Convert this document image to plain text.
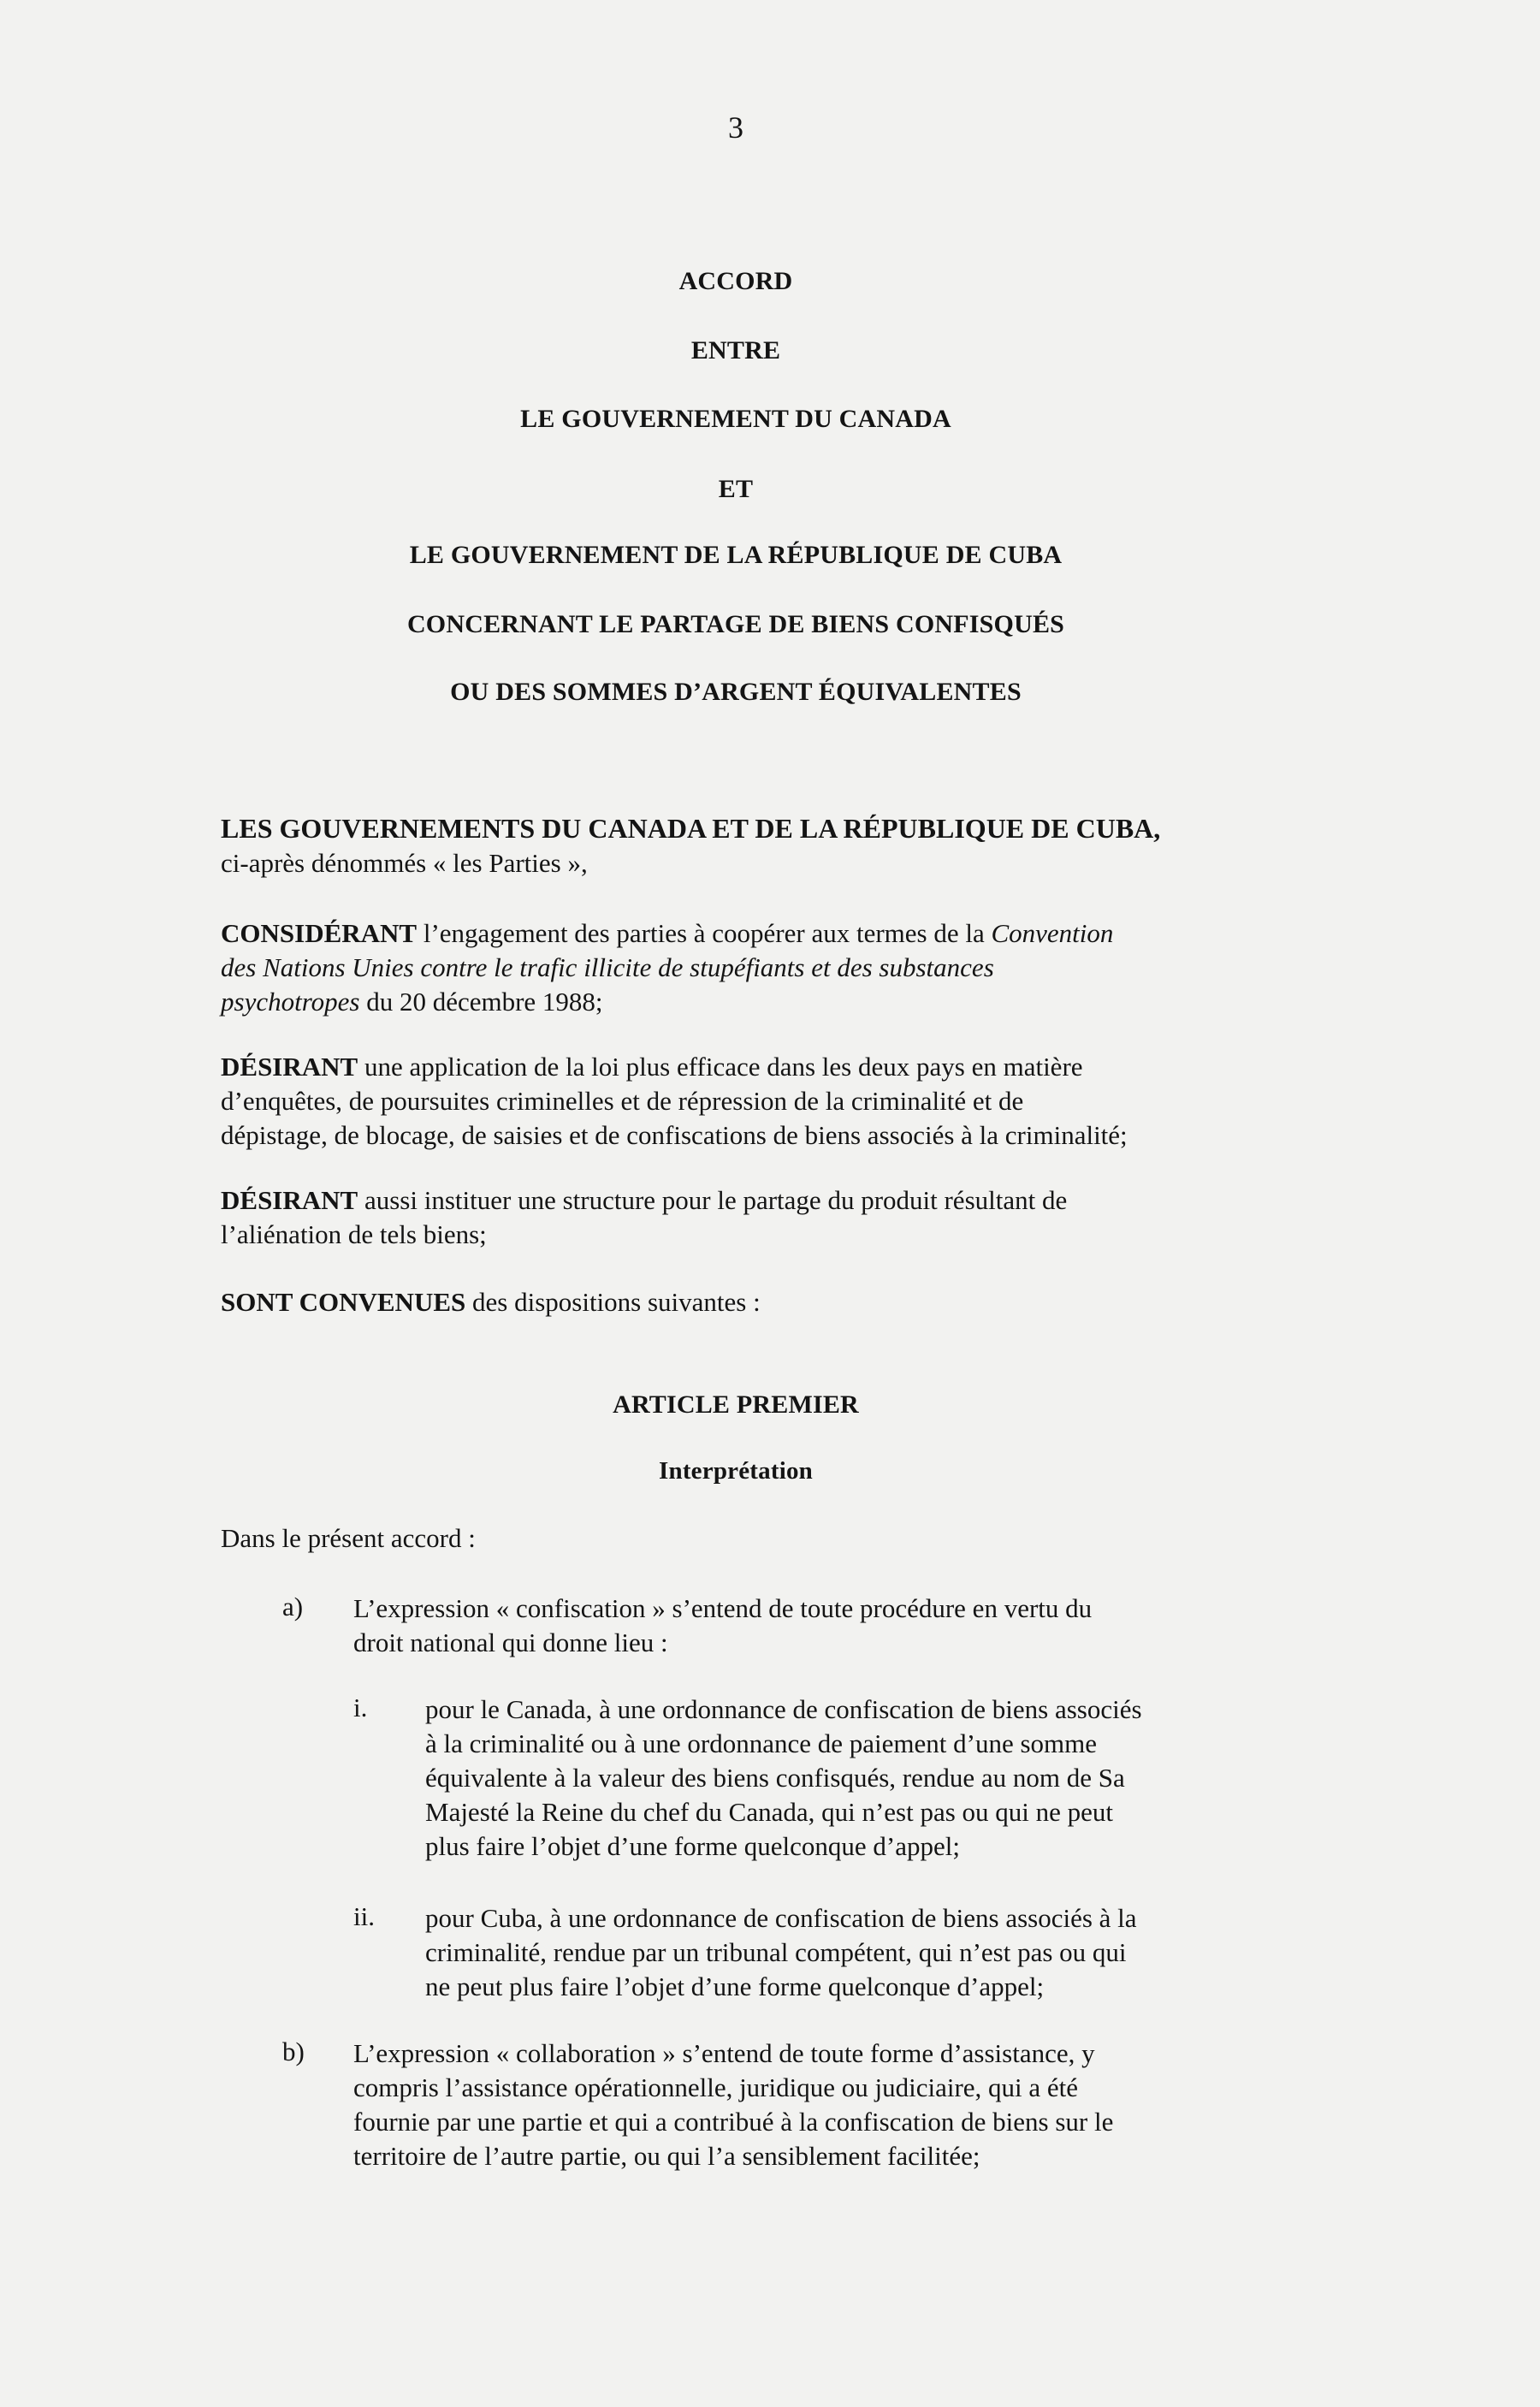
3
ACCORD
ENTRE
LE GOUVERNEMENT DU CANADA
ET
LE GOUVERNEMENT DE LA RÉPUBLIQUE DE CUBA
CONCERNANT LE PARTAGE DE BIENS CONFISQUÉS
OU DES SOMMES D’ARGENT ÉQUIVALENTES
LES GOUVERNEMENTS DU CANADA ET DE LA RÉPUBLIQUE DE CUBA,
ci-après dénommés « les Parties »,
CONSIDÉRANT l’engagement des parties à coopérer aux termes de la Convention
des Nations Unies contre le trafic illicite de stupéfiants et des substances
psychotropes du 20 décembre 1988;
DÉSIRANT une application de la loi plus efficace dans les deux pays en matière
d’enquêtes, de poursuites criminelles et de répression de la criminalité et de
dépistage, de blocage, de saisies et de confiscations de biens associés à la criminalité;
DÉSIRANT aussi instituer une structure pour le partage du produit résultant de
l’aliénation de tels biens;
SONT CONVENUES des dispositions suivantes :
ARTICLE PREMIER
Interprétation
Dans le présent accord :
a) L’expression « confiscation » s’entend de toute procédure en vertu du
droit national qui donne lieu :
i. pour le Canada, à une ordonnance de confiscation de biens associés
à la criminalité ou à une ordonnance de paiement d’une somme
équivalente à la valeur des biens confisqués, rendue au nom de Sa
Majesté la Reine du chef du Canada, qui n’est pas ou qui ne peut
plus faire l’objet d’une forme quelconque d’appel;
ii. pour Cuba, à une ordonnance de confiscation de biens associés à la
criminalité, rendue par un tribunal compétent, qui n’est pas ou qui
ne peut plus faire l’objet d’une forme quelconque d’appel;
b) L’expression « collaboration » s’entend de toute forme d’assistance, y
compris l’assistance opérationnelle, juridique ou judiciaire, qui a été
fournie par une partie et qui a contribué à la confiscation de biens sur le
territoire de l’autre partie, ou qui l’a sensiblement facilitée;
